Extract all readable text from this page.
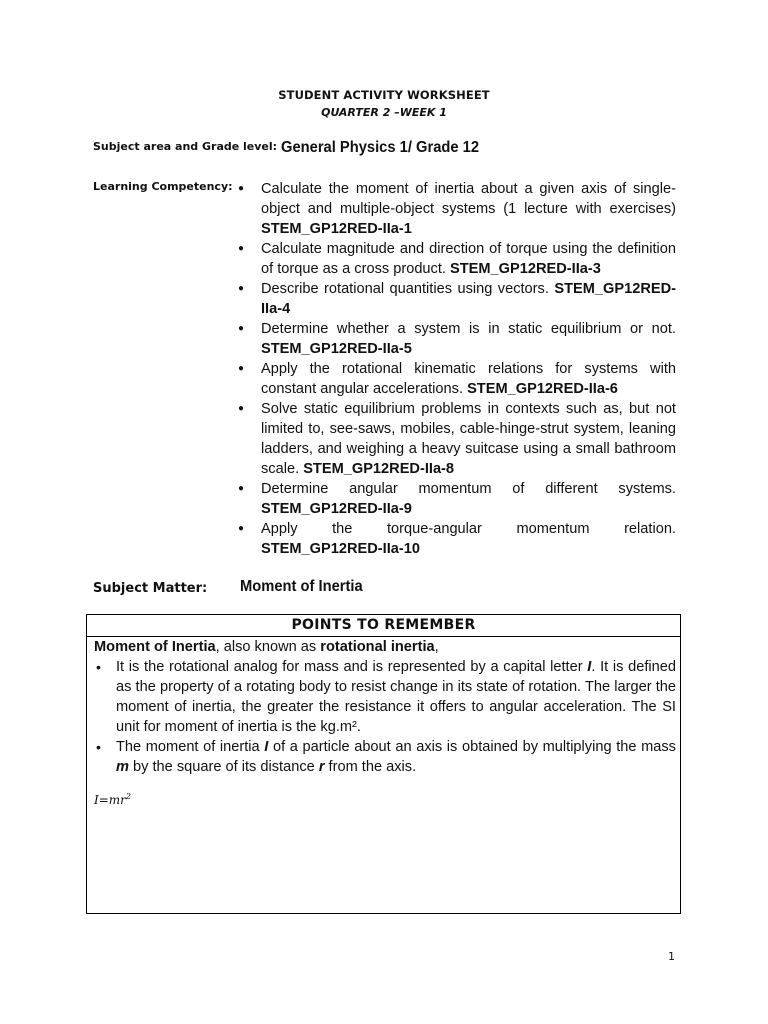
STUDENT ACTIVITY WORKSHEET
QUARTER 2 –WEEK 1
Subject area and Grade level: General Physics 1/ Grade 12
Learning Competency:
●	Calculate the moment of inertia about a given axis of single-object and multiple-object systems (1 lecture with exercises) STEM_GP12RED-IIa-1
● Calculate magnitude and direction of torque using the definition of torque as a cross product. STEM_GP12RED-IIa-3
● Describe rotational quantities using vectors. STEM_GP12RED-IIa-4
● Determine whether a system is in static equilibrium or not. STEM_GP12RED-IIa-5
● Apply the rotational kinematic relations for systems with constant angular accelerations. STEM_GP12RED-IIa-6
● Solve static equilibrium problems in contexts such as, but not limited to, see-saws, mobiles, cable-hinge-strut system, leaning ladders, and weighing a heavy suitcase using a small bathroom scale. STEM_GP12RED-IIa-8
● Determine angular momentum of different systems. STEM_GP12RED-IIa-9
● Apply the torque-angular momentum relation. STEM_GP12RED-IIa-10
Subject Matter: Moment of Inertia
POINTS TO REMEMBER
Moment of Inertia, also known as rotational inertia,
• It is the rotational analog for mass and is represented by a capital letter I. It is defined as the property of a rotating body to resist change in its state of rotation. The larger the moment of inertia, the greater the resistance it offers to angular acceleration. The SI unit for moment of inertia is the kg.m².
• The moment of inertia I of a particle about an axis is obtained by multiplying the mass m by the square of its distance r from the axis.
$I=mr^2$
1
